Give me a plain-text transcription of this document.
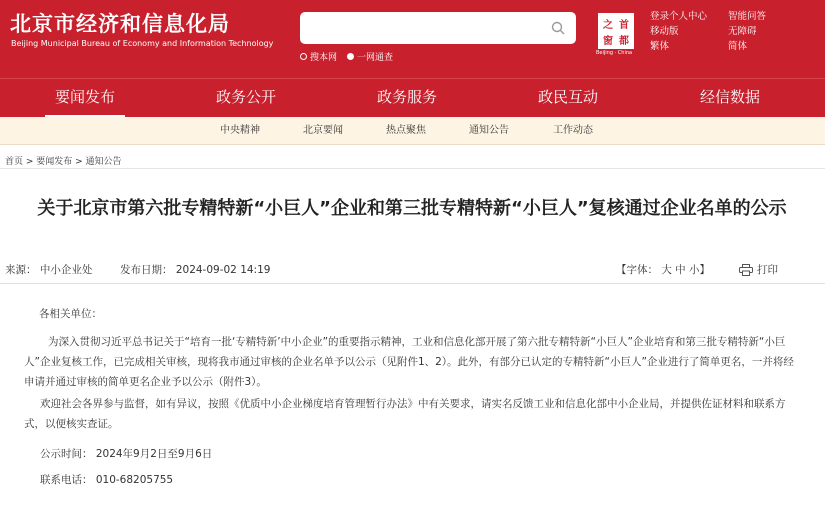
北京市经济和信息化局
Beijing Municipal Bureau of Economy and Information Technology
搜本网 一网通查
之 首
窗 都
Beijing · China
登录个人中心	智能问答
移动版	无障碍
繁体	简体
要闻发布	政务公开	政务服务	政民互动	经信数据
中央精神	北京要闻	热点聚焦	通知公告	工作动态
首页 > 要闻发布 > 通知公告
关于北京市第六批专精特新“小巨人”企业和第三批专精特新“小巨人”复核通过企业名单的公示
来源： 中小企业处	发布日期： 2024-09-02 14:19	【字体： 大 中 小】	打印

各相关单位：

为深入贯彻习近平总书记关于“培育一批‘专精特新’中小企业”的重要指示精神，工业和信息化部开展了第六批专精特新“小巨人”企业培育和第三批专精特新“小巨人”企业复核工作，已完成相关审核，现将我市通过审核的企业名单予以公示（见附件1、2）。此外，有部分已认定的专精特新“小巨人”企业进行了简单更名，一并将经申请并通过审核的简单更名企业予以公示（附件3）。

欢迎社会各界参与监督，如有异议，按照《优质中小企业梯度培育管理暂行办法》中有关要求，请实名反馈工业和信息化部中小企业局，并提供佐证材料和联系方式，以便核实查证。

公示时间： 2024年9月2日至9月6日

联系电话： 010-68205755
